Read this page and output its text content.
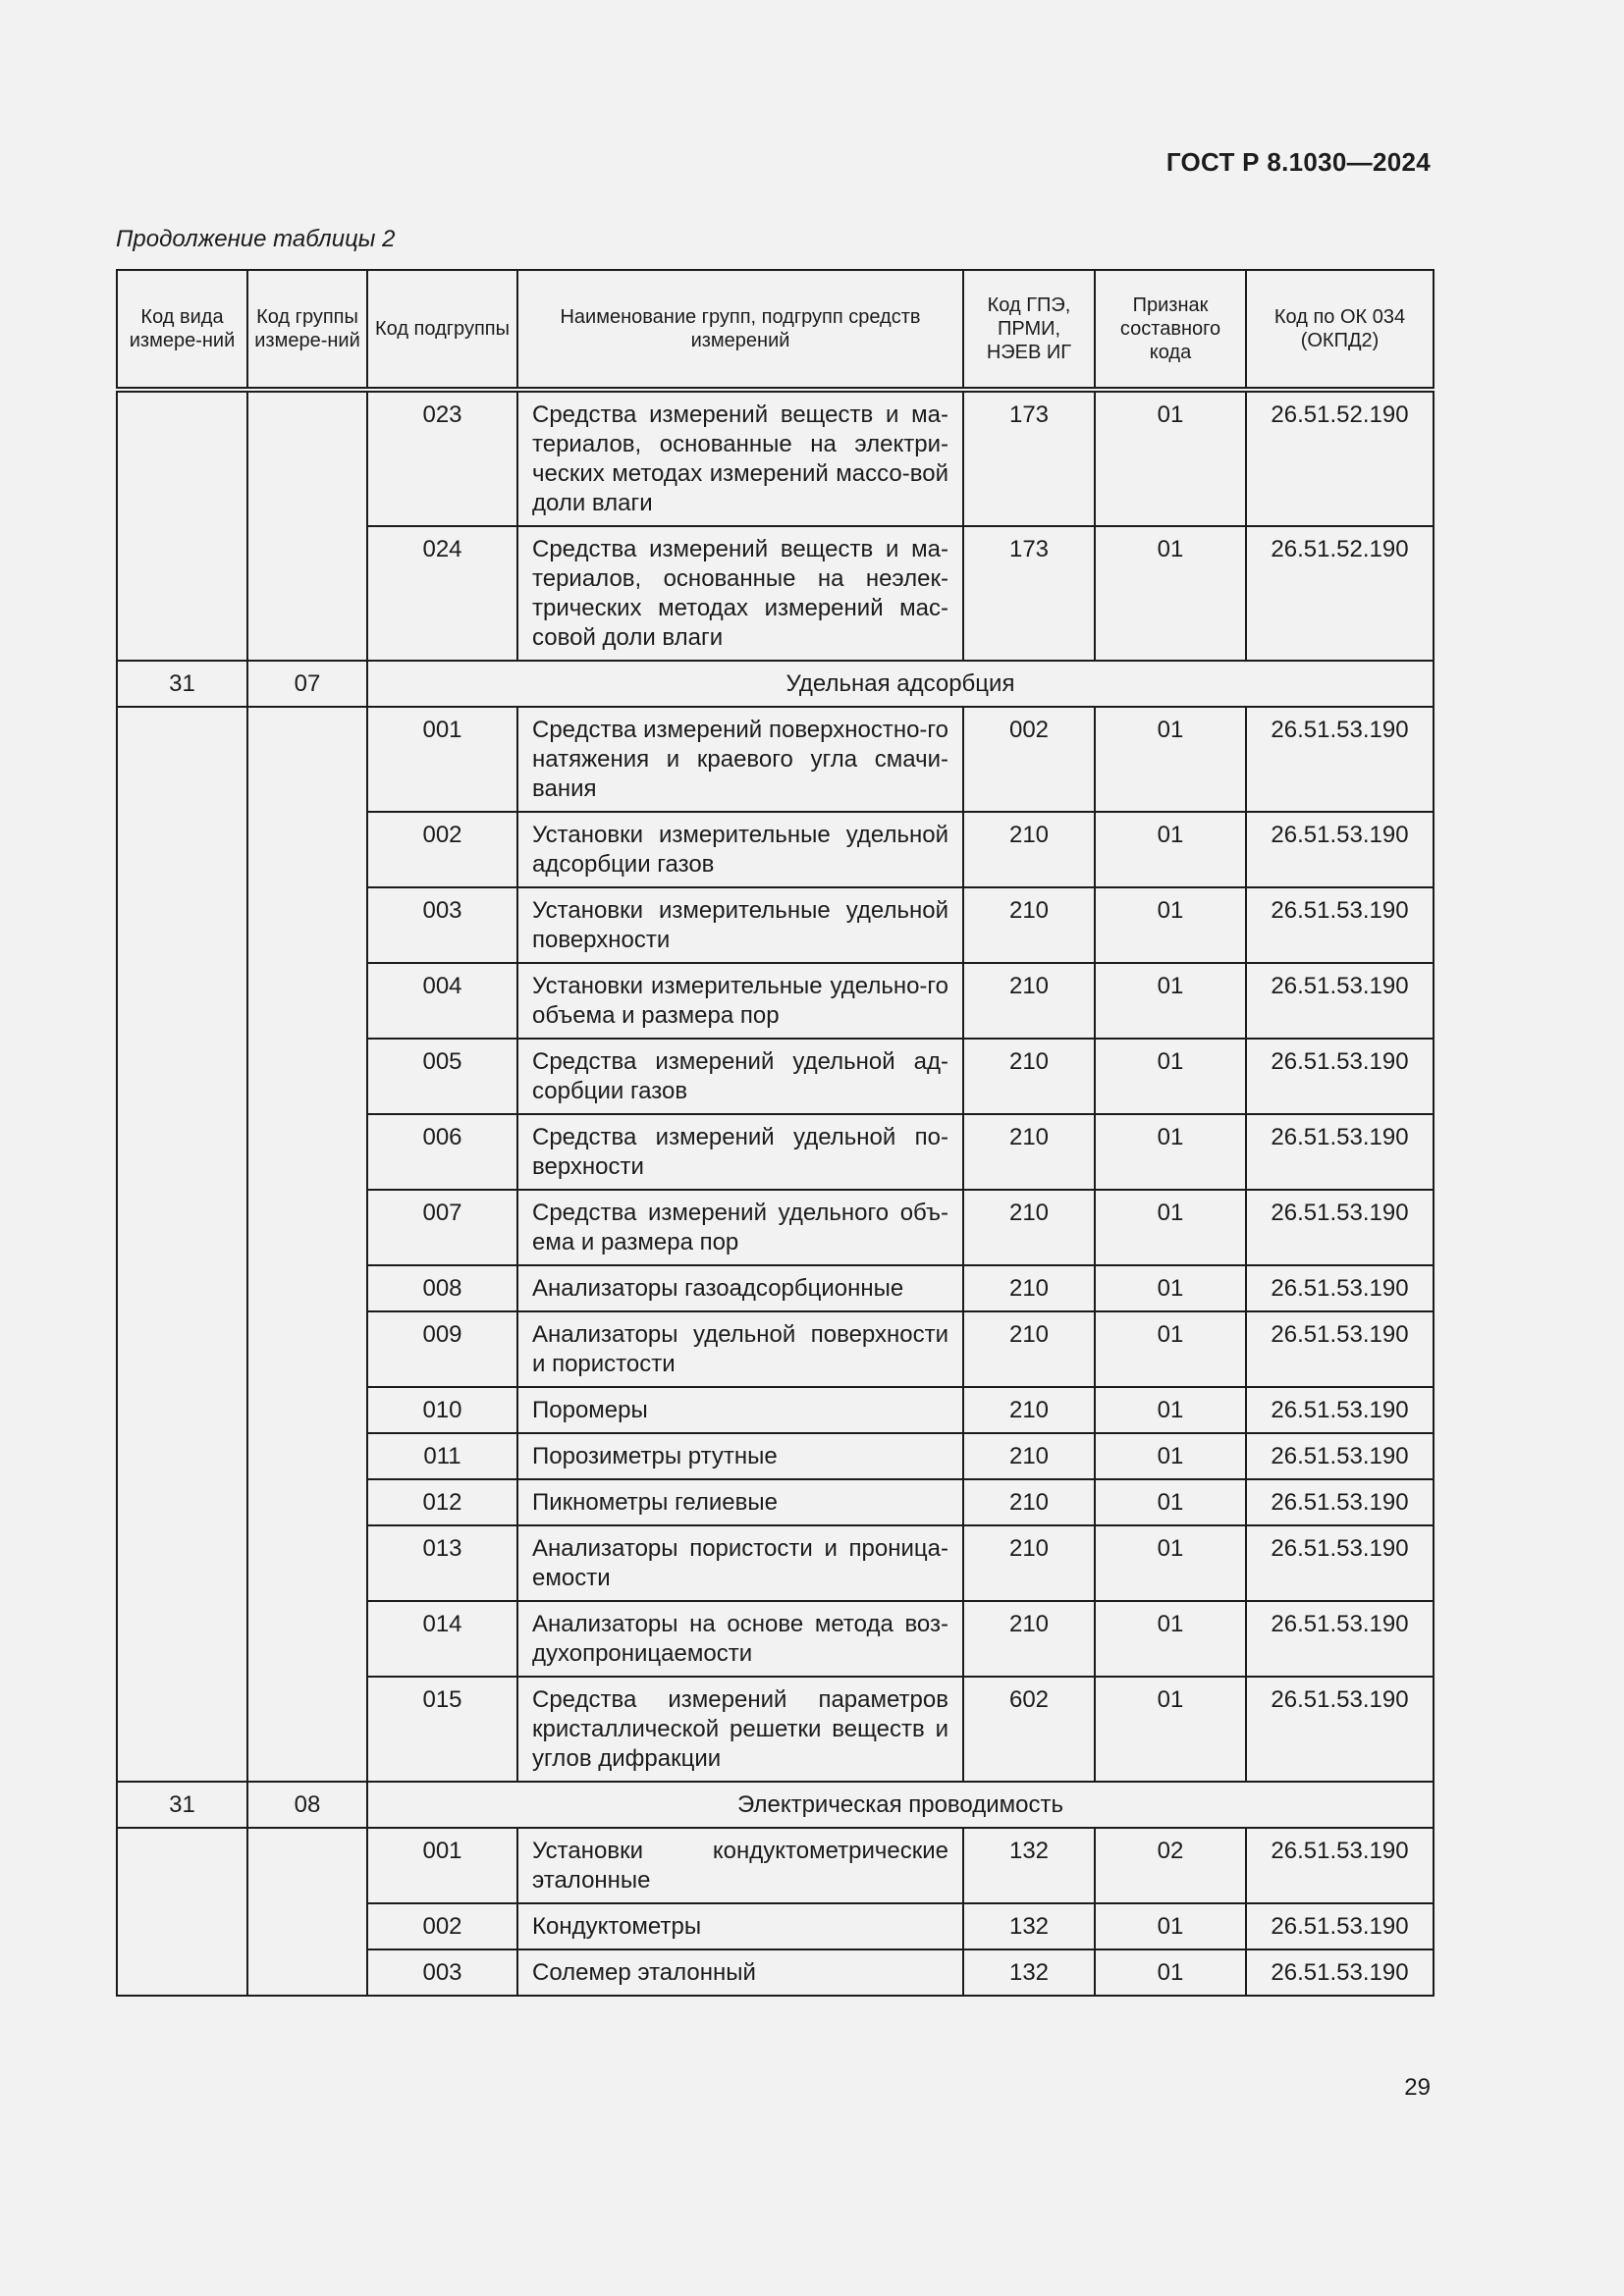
ГОСТ Р 8.1030—2024
Продолжение таблицы 2
Код вида измере-ний	Код группы измере-ний	Код подгруппы	Наименование групп, подгрупп средств измерений	Код ГПЭ, ПРМИ, НЭЕВ ИГ	Признак составного кода	Код по ОК 034 (ОКПД2)
		023	Средства измерений веществ и ма-териалов, основанные на электри-ческих методах измерений массо-вой доли влаги	173	01	26.51.52.190
		024	Средства измерений веществ и ма-териалов, основанные на неэлек-трических методах измерений мас-совой доли влаги	173	01	26.51.52.190
31	07	Удельная адсорбция				
		001	Средства измерений поверхностно-го натяжения и краевого угла смачи-вания	002	01	26.51.53.190
		002	Установки измерительные удельной адсорбции газов	210	01	26.51.53.190
		003	Установки измерительные удельной поверхности	210	01	26.51.53.190
		004	Установки измерительные удельно-го объема и размера пор	210	01	26.51.53.190
		005	Средства измерений удельной ад-сорбции газов	210	01	26.51.53.190
		006	Средства измерений удельной по-верхности	210	01	26.51.53.190
		007	Средства измерений удельного объ-ема и размера пор	210	01	26.51.53.190
		008	Анализаторы газоадсорбционные	210	01	26.51.53.190
		009	Анализаторы удельной поверхности и пористости	210	01	26.51.53.190
		010	Поромеры	210	01	26.51.53.190
		011	Порозиметры ртутные	210	01	26.51.53.190
		012	Пикнометры гелиевые	210	01	26.51.53.190
		013	Анализаторы пористости и проница-емости	210	01	26.51.53.190
		014	Анализаторы на основе метода воз-духопроницаемости	210	01	26.51.53.190
		015	Средства измерений параметров кристаллической решетки веществ и углов дифракции	602	01	26.51.53.190
31	08	Электрическая проводимость				
		001	Установки кондуктометрические эталонные	132	02	26.51.53.190
		002	Кондуктометры	132	01	26.51.53.190
		003	Солемер эталонный	132	01	26.51.53.190
29
